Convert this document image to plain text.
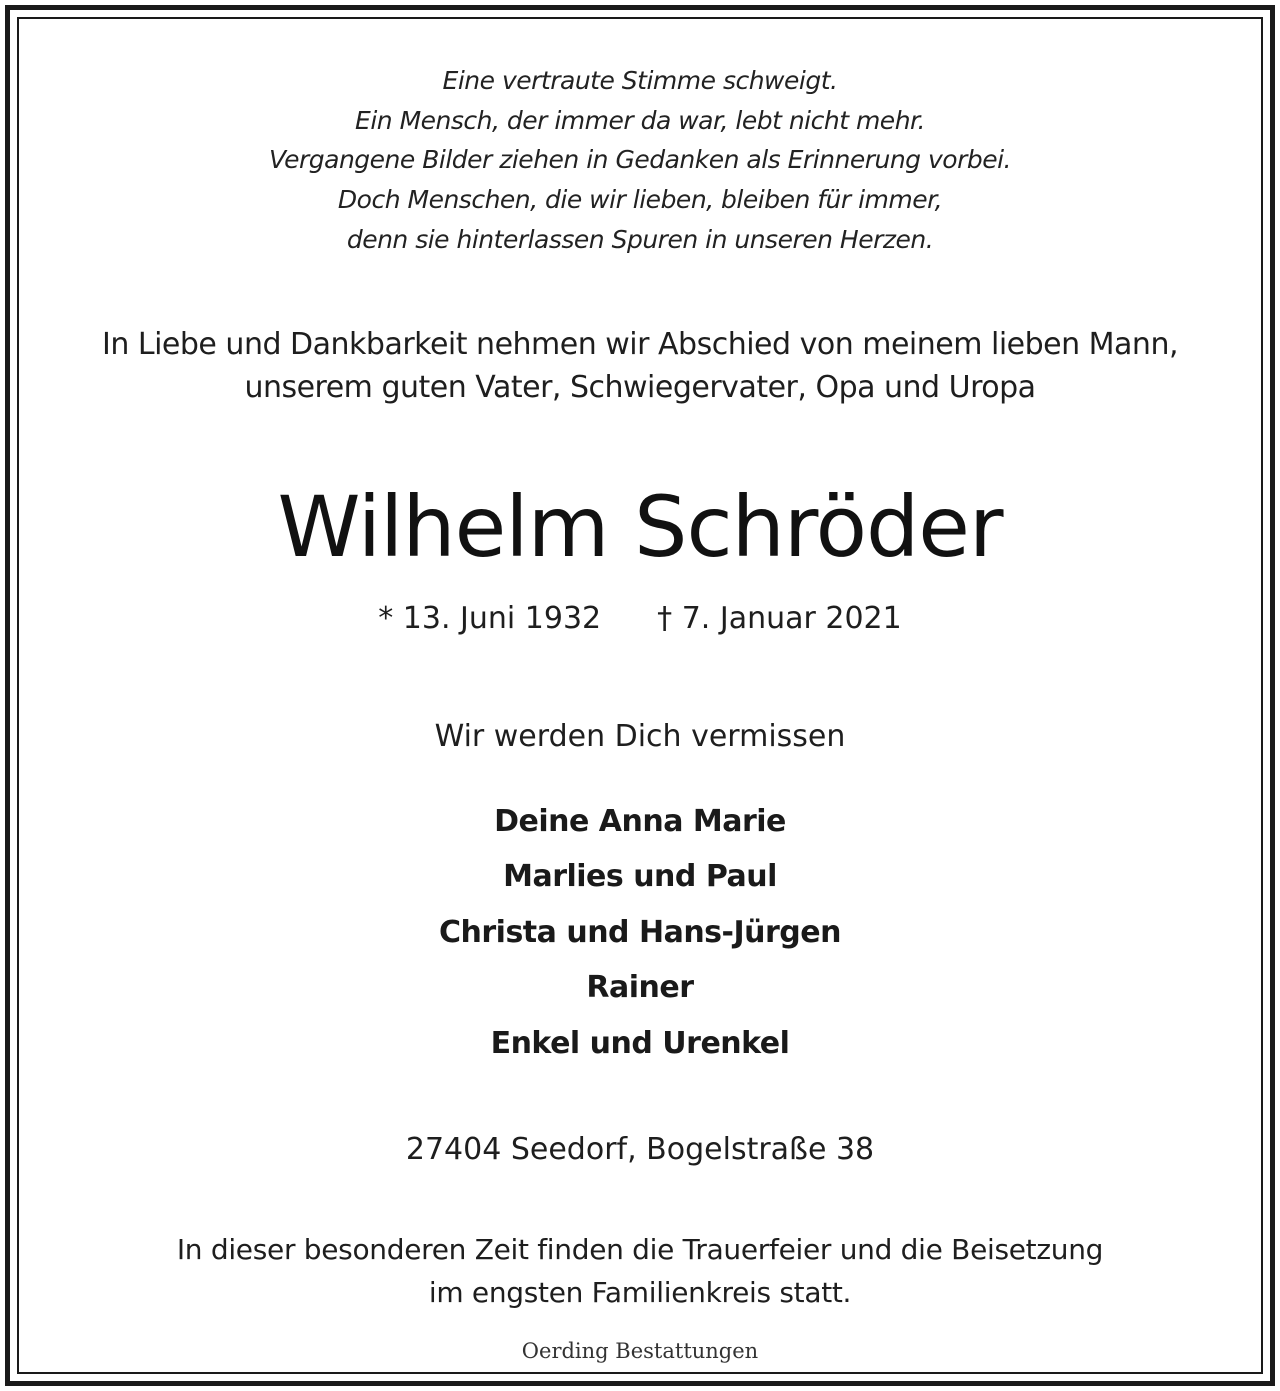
Eine vertraute Stimme schweigt.
Ein Mensch, der immer da war, lebt nicht mehr.
Vergangene Bilder ziehen in Gedanken als Erinnerung vorbei.
Doch Menschen, die wir lieben, bleiben für immer,
denn sie hinterlassen Spuren in unseren Herzen.
In Liebe und Dankbarkeit nehmen wir Abschied von meinem lieben Mann,
unserem guten Vater, Schwiegervater, Opa und Uropa
Wilhelm Schröder
* 13. Juni 1932 † 7. Januar 2021
Wir werden Dich vermissen
Deine Anna Marie
Marlies und Paul
Christa und Hans-Jürgen
Rainer
Enkel und Urenkel
27404 Seedorf, Bogelstraße 38
In dieser besonderen Zeit finden die Trauerfeier und die Beisetzung
im engsten Familienkreis statt.
Oerding Bestattungen
